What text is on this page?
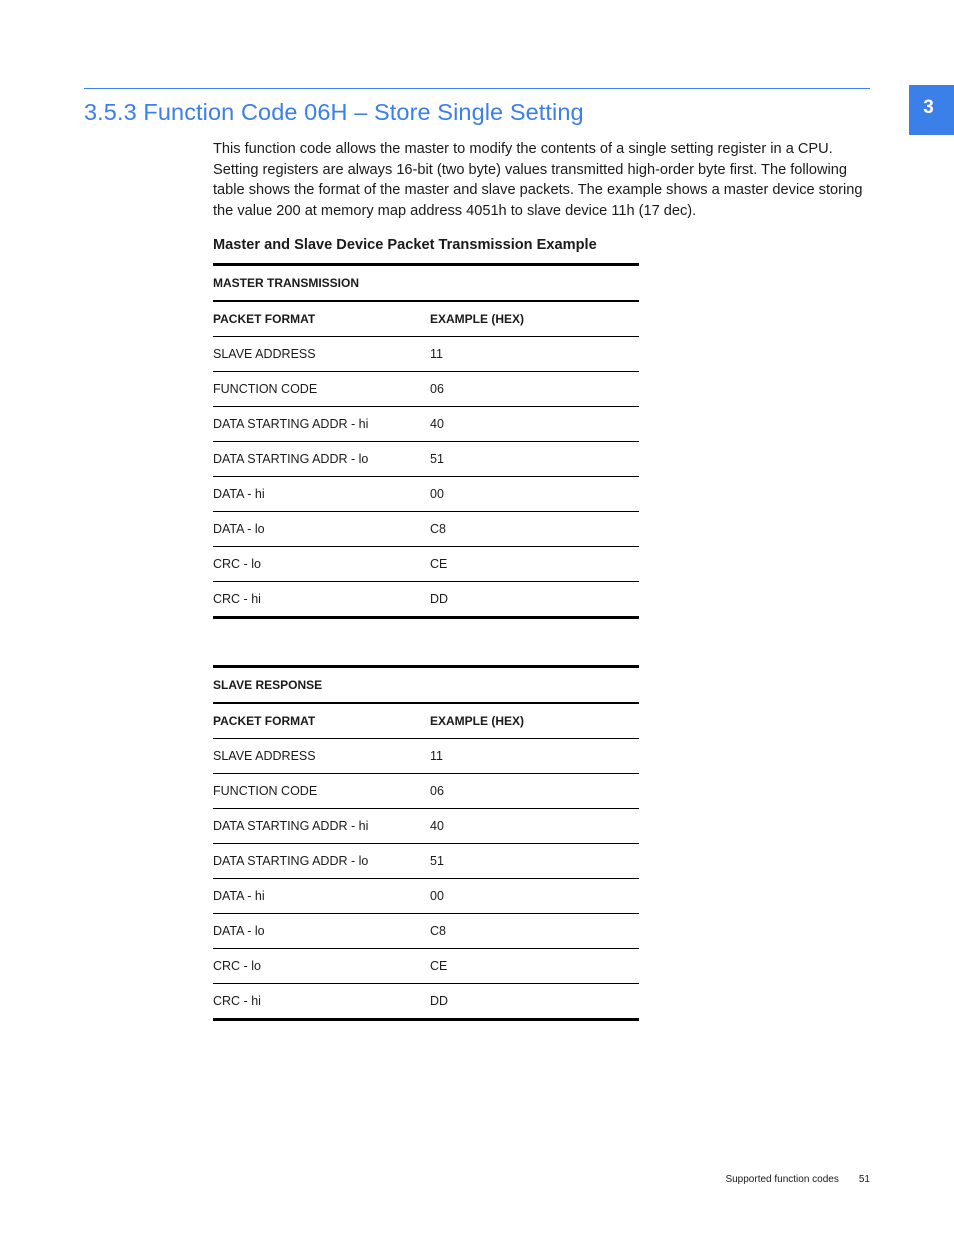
3
3.5.3 Function Code 06H – Store Single Setting

This function code allows the master to modify the contents of a single setting register in a CPU. Setting registers are always 16-bit (two byte) values transmitted high-order byte first. The following table shows the format of the master and slave packets. The example shows a master device storing the value 200 at memory map address 4051h to slave device 11h (17 dec).

Master and Slave Device Packet Transmission Example

MASTER TRANSMISSION
PACKET FORMAT	EXAMPLE (HEX)
SLAVE ADDRESS	11
FUNCTION CODE	06
DATA STARTING ADDR - hi	40
DATA STARTING ADDR - lo	51
DATA - hi	00
DATA - lo	C8
CRC - lo	CE
CRC - hi	DD
SLAVE RESPONSE
PACKET FORMAT	EXAMPLE (HEX)
SLAVE ADDRESS	11
FUNCTION CODE	06
DATA STARTING ADDR - hi	40
DATA STARTING ADDR - lo	51
DATA - hi	00
DATA - lo	C8
CRC - lo	CE
CRC - hi	DD
Supported function codes 51
